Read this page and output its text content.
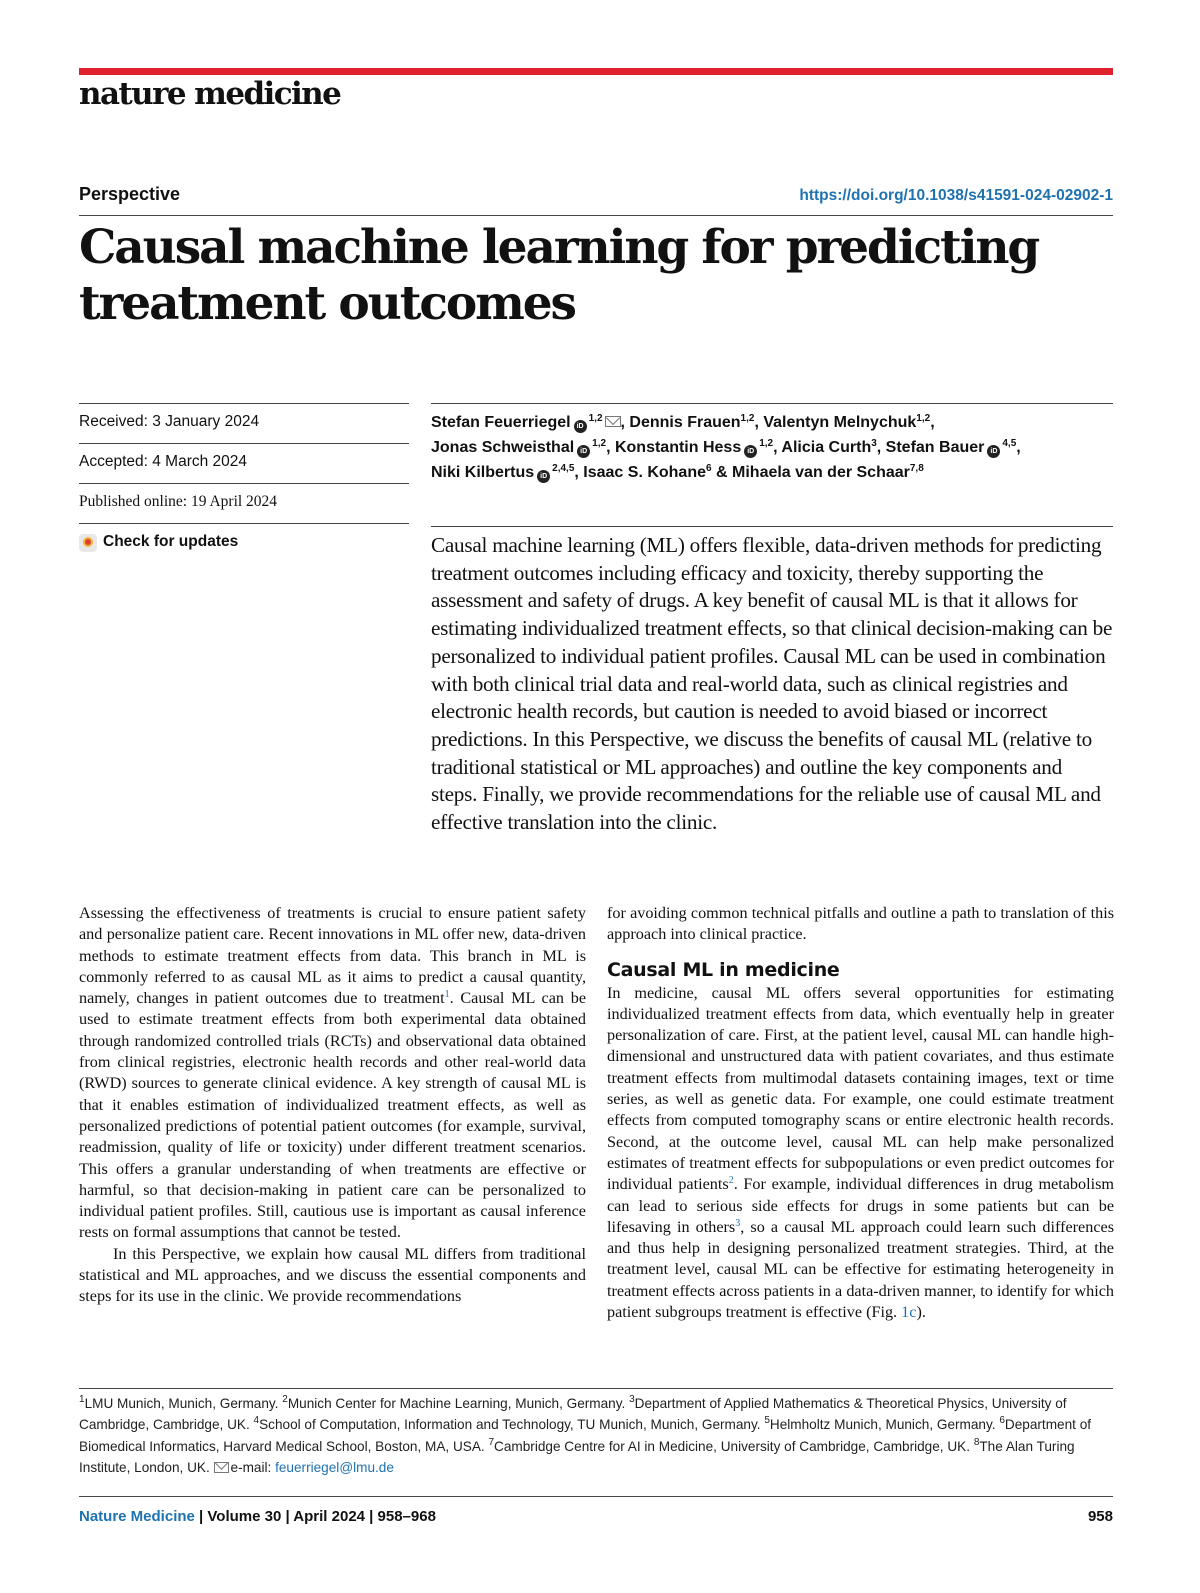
nature medicine
Perspective	https://doi.org/10.1038/s41591-024-02902-1
Causal machine learning for predicting treatment outcomes
Received: 3 January 2024
Accepted: 4 March 2024
Published online: 19 April 2024
Check for updates
Stefan Feuerriegel iD$^{1,2}$ , Dennis Frauen$^{1,2}$, Valentyn Melnychuk$^{1,2}$,
Jonas Schweisthal iD$^{1,2}$, Konstantin Hess iD$^{1,2}$, Alicia Curth$^3$, Stefan Bauer iD$^{4,5}$,
Niki Kilbertus iD$^{2,4,5}$, Isaac S. Kohane$^6$ & Mihaela van der Schaar$^{7,8}$

Causal machine learning (ML) offers flexible, data-driven methods for predicting treatment outcomes including efficacy and toxicity, thereby supporting the assessment and safety of drugs. A key benefit of causal ML is that it allows for estimating individualized treatment effects, so that clinical decision-making can be personalized to individual patient profiles. Causal ML can be used in combination with both clinical trial data and real-world data, such as clinical registries and electronic health records, but caution is needed to avoid biased or incorrect predictions. In this Perspective, we discuss the benefits of causal ML (relative to traditional statistical or ML approaches) and outline the key components and steps. Finally, we provide recommendations for the reliable use of causal ML and effective translation into the clinic.

Assessing the effectiveness of treatments is crucial to ensure patient safety and personalize patient care. Recent innovations in ML offer new, data-driven methods to estimate treatment effects from data. This branch in ML is commonly referred to as causal ML as it aims to predict a causal quantity, namely, changes in patient outcomes due to treatment$^1$. Causal ML can be used to estimate treatment effects from both experimental data obtained through randomized controlled trials (RCTs) and observational data obtained from clinical registries, electronic health records and other real-world data (RWD) sources to generate clinical evidence. A key strength of causal ML is that it enables estimation of individualized treatment effects, as well as personalized predictions of potential patient outcomes (for example, survival, readmission, quality of life or toxicity) under different treatment scenarios. This offers a granular understanding of when treatments are effective or harmful, so that decision-making in patient care can be personalized to individual patient profiles. Still, cautious use is important as causal inference rests on formal assumptions that cannot be tested.

In this Perspective, we explain how causal ML differs from traditional statistical and ML approaches, and we discuss the essential components and steps for its use in the clinic. We provide recommendations

for avoiding common technical pitfalls and outline a path to translation of this approach into clinical practice.

Causal ML in medicine

In medicine, causal ML offers several opportunities for estimating individualized treatment effects from data, which eventually help in greater personalization of care. First, at the patient level, causal ML can handle high-dimensional and unstructured data with patient covariates, and thus estimate treatment effects from multimodal datasets containing images, text or time series, as well as genetic data. For example, one could estimate treatment effects from computed tomography scans or entire electronic health records. Second, at the outcome level, causal ML can help make personalized estimates of treatment effects for subpopulations or even predict outcomes for individual patients$^2$. For example, individual differences in drug metabolism can lead to serious side effects for drugs in some patients but can be lifesaving in others$^3$, so a causal ML approach could learn such differences and thus help in designing personalized treatment strategies. Third, at the treatment level, causal ML can be effective for estimating heterogeneity in treatment effects across patients in a data-driven manner, to identify for which patient subgroups treatment is effective (Fig. 1c).

$^1$LMU Munich, Munich, Germany. $^2$Munich Center for Machine Learning, Munich, Germany. $^3$Department of Applied Mathematics & Theoretical Physics, University of Cambridge, Cambridge, UK. $^4$School of Computation, Information and Technology, TU Munich, Munich, Germany. $^5$Helmholtz Munich, Munich, Germany. $^6$Department of Biomedical Informatics, Harvard Medical School, Boston, MA, USA. $^7$Cambridge Centre for AI in Medicine, University of Cambridge, Cambridge, UK. $^8$The Alan Turing Institute, London, UK. e-mail: feuerriegel@lmu.de
Nature Medicine | Volume 30 | April 2024 | 958–968	958
